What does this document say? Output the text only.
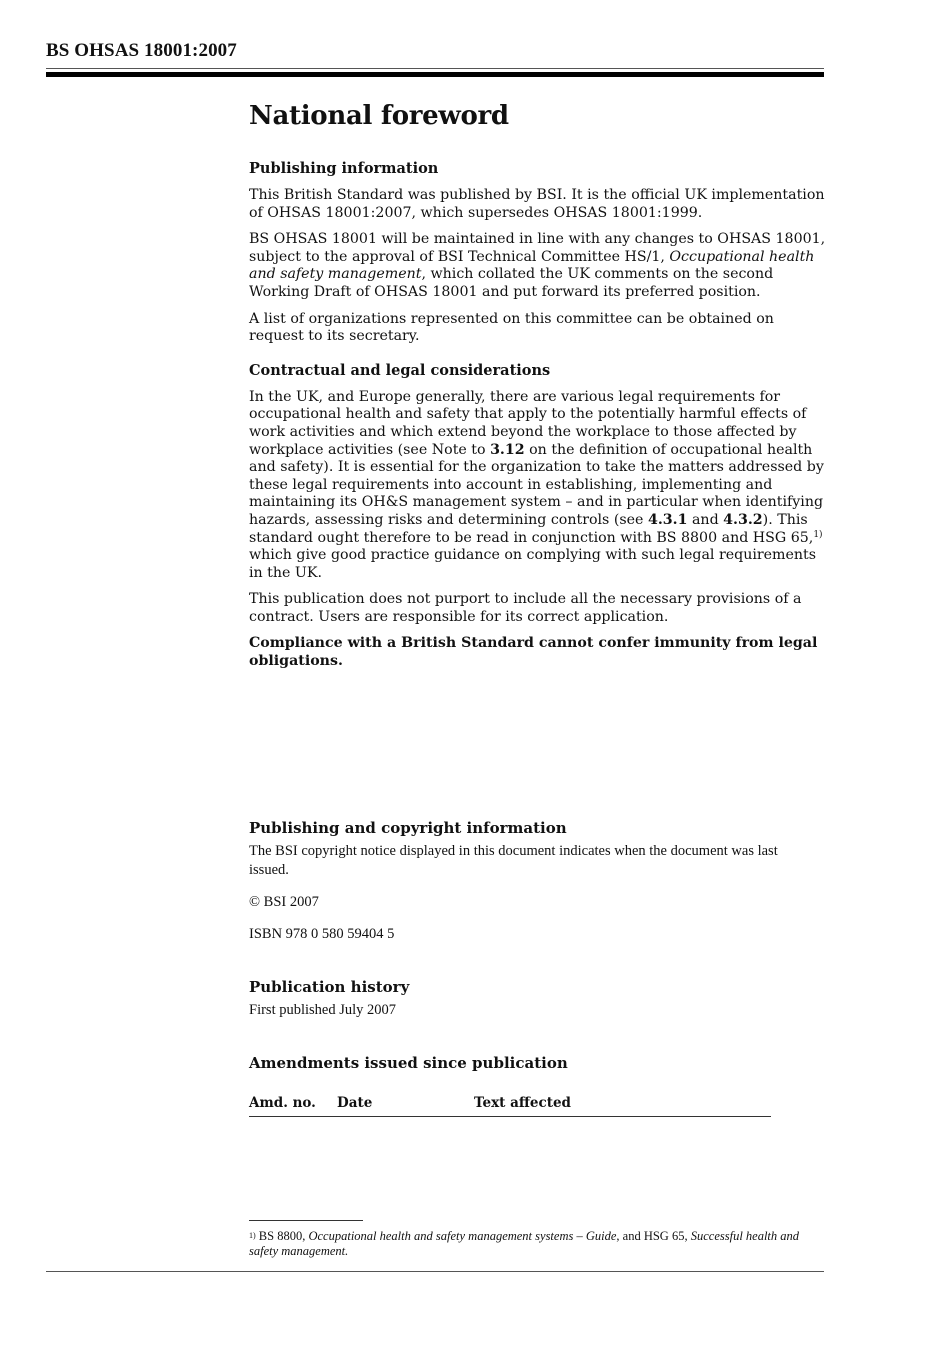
BS OHSAS 18001:2007
National foreword
Publishing information

This British Standard was published by BSI. It is the official UK implementation of OHSAS 18001:2007, which supersedes OHSAS 18001:1999.

BS OHSAS 18001 will be maintained in line with any changes to OHSAS 18001, subject to the approval of BSI Technical Committee HS/1, Occupational health and safety management, which collated the UK comments on the second Working Draft of OHSAS 18001 and put forward its preferred position.

A list of organizations represented on this committee can be obtained on request to its secretary.

Contractual and legal considerations

In the UK, and Europe generally, there are various legal requirements for occupational health and safety that apply to the potentially harmful effects of work activities and which extend beyond the workplace to those affected by workplace activities (see Note to 3.12 on the definition of occupational health and safety). It is essential for the organization to take the matters addressed by these legal requirements into account in establishing, implementing and maintaining its OH&S management system – and in particular when identifying hazards, assessing risks and determining controls (see 4.3.1 and 4.3.2). This standard ought therefore to be read in conjunction with BS 8800 and HSG 65,$^{1)}$ which give good practice guidance on complying with such legal requirements in the UK.

This publication does not purport to include all the necessary provisions of a contract. Users are responsible for its correct application.

Compliance with a British Standard cannot confer immunity from legal obligations.

Publishing and copyright information

The BSI copyright notice displayed in this document indicates when the document was last issued.

© BSI 2007

ISBN 978 0 580 59404 5

Publication history

First published July 2007

Amendments issued since publication
Amd. no. Date	Text affected
$^{1)}$ BS 8800, Occupational health and safety management systems – Guide, and HSG 65, Successful health and safety management.
